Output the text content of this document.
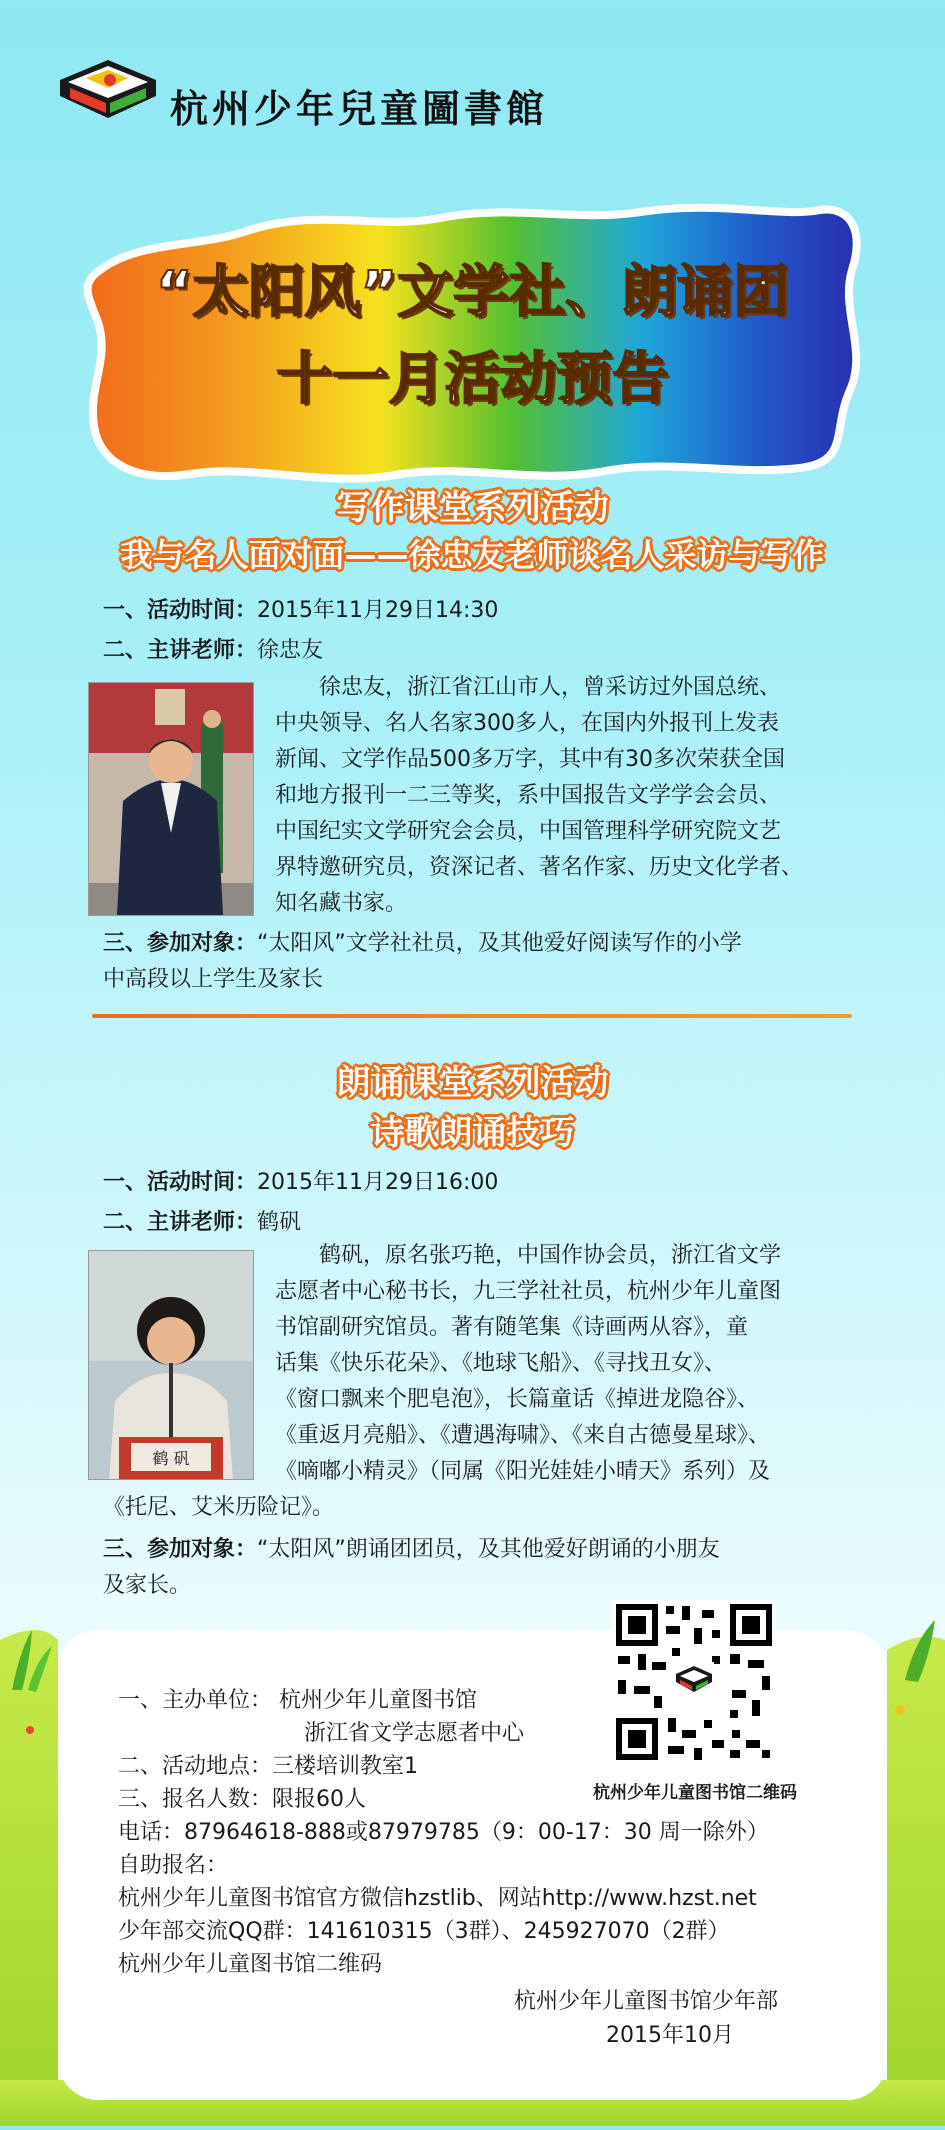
杭州少年兒童圖書館
“太阳风”文学社、朗诵团
十一月活动预告
写作课堂系列活动
我与名人面对面——徐忠友老师谈名人采访与写作
一、活动时间：2015年11月29日14:30
二、主讲老师：徐忠友
徐忠友，浙江省江山市人，曾采访过外国总统、
中央领导、名人名家300多人，在国内外报刊上发表
新闻、文学作品500多万字，其中有30多次荣获全国
和地方报刊一二三等奖，系中国报告文学学会会员、
中国纪实文学研究会会员，中国管理科学研究院文艺
界特邀研究员，资深记者、著名作家、历史文化学者、
知名藏书家。
三、参加对象：“太阳风”文学社社员，及其他爱好阅读写作的小学
中高段以上学生及家长
朗诵课堂系列活动
诗歌朗诵技巧
一、活动时间：2015年11月29日16:00
二、主讲老师：鹤矾
鹤 矾
鹤矾，原名张巧艳，中国作协会员，浙江省文学
志愿者中心秘书长，九三学社社员，杭州少年儿童图
书馆副研究馆员。著有随笔集《诗画两从容》，童
话集《快乐花朵》、《地球飞船》、《寻找丑女》、
《窗口飘来个肥皂泡》，长篇童话《掉进龙隐谷》、
《重返月亮船》、《遭遇海啸》、《来自古德曼星球》、
《嘀嘟小精灵》（同属《阳光娃娃小晴天》系列）及
《托尼、艾米历险记》。
三、参加对象：“太阳风”朗诵团团员，及其他爱好朗诵的小朋友
及家长。
一、主办单位： 杭州少年儿童图书馆
浙江省文学志愿者中心
二、活动地点：三楼培训教室1
三、报名人数：限报60人
电话：87964618-888或87979785（9：00-17：30 周一除外）
自助报名：
杭州少年儿童图书馆官方微信hzstlib、网站http://www.hzst.net
少年部交流QQ群：141610315（3群）、245927070（2群）
杭州少年儿童图书馆二维码
杭州少年儿童图书馆二维码
杭州少年儿童图书馆少年部
2015年10月
